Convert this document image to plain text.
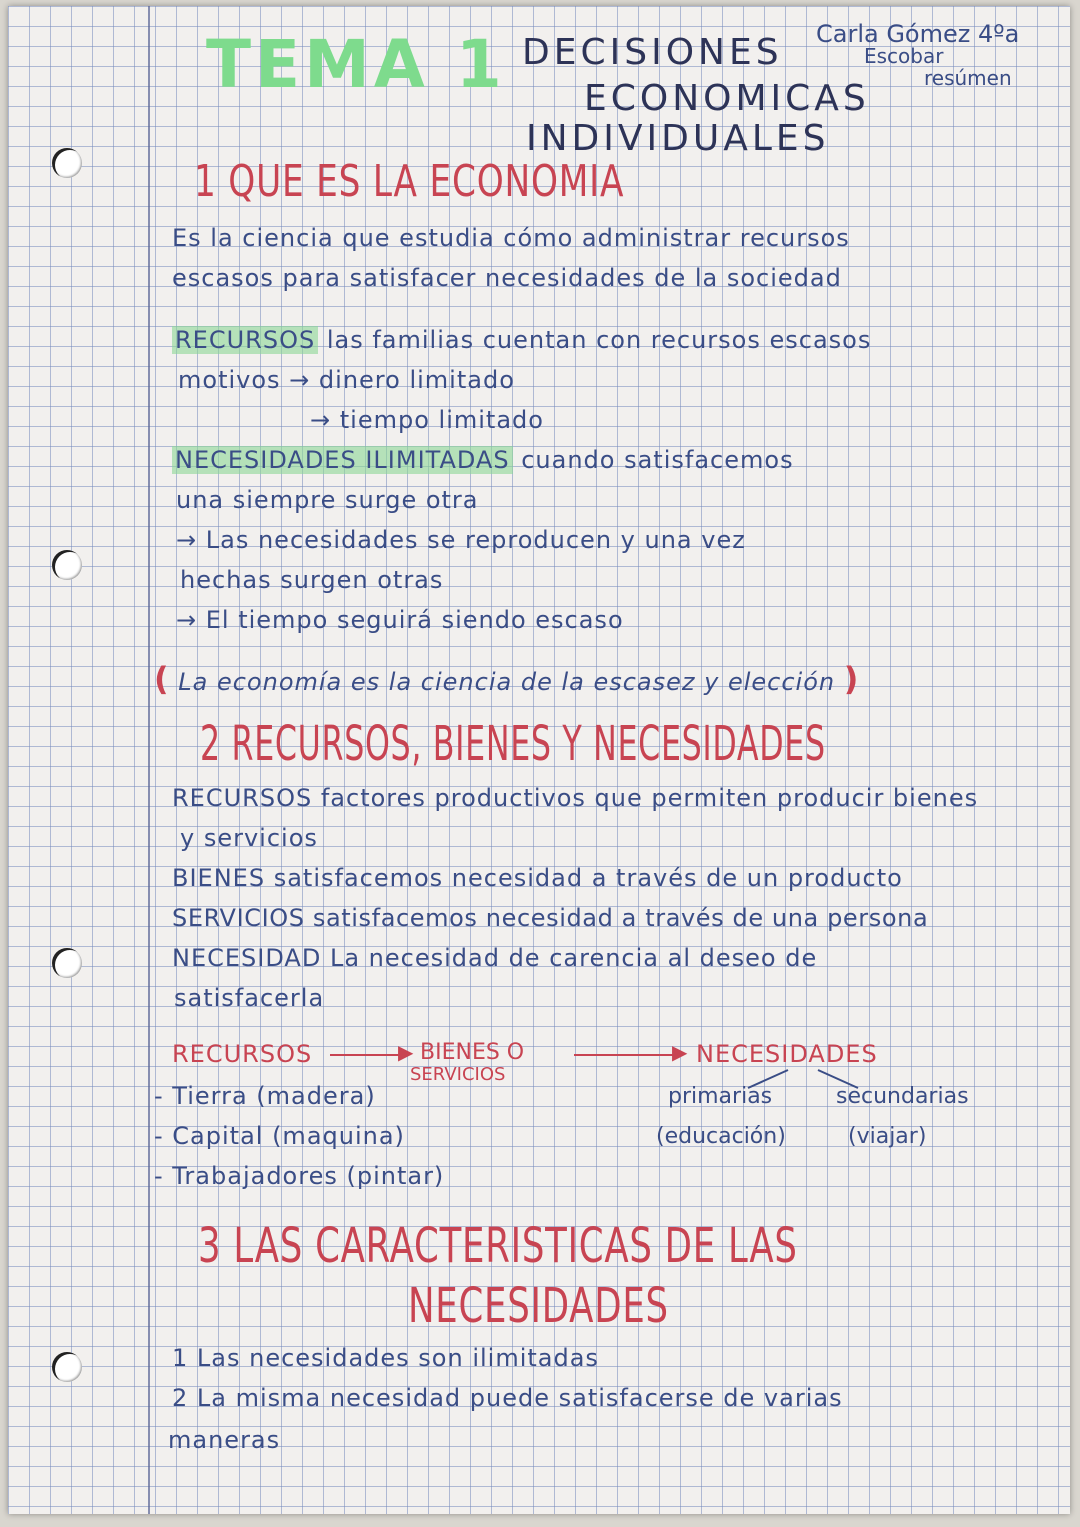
TEMA 1 DECISIONES
ECONOMICAS
INDIVIDUALES
Carla Gómez 4ºa
Escobar
resúmen
1 QUE ES LA ECONOMIA
Es la ciencia que estudia cómo administrar recursos
escasos para satisfacer necesidades de la sociedad
RECURSOS las familias cuentan con recursos escasos
motivos → dinero limitado
→ tiempo limitado
NECESIDADES ILIMITADAS cuando satisfacemos
una siempre surge otra
→ Las necesidades se reproducen y una vez
hechas surgen otras
→ El tiempo seguirá siendo escaso
( La economía es la ciencia de la escasez y elección )
2 RECURSOS, BIENES Y NECESIDADES
RECURSOS factores productivos que permiten producir bienes
y servicios
BIENES satisfacemos necesidad a través de un producto
SERVICIOS satisfacemos necesidad a través de una persona
NECESIDAD La necesidad de carencia al deseo de
satisfacerla
RECURSOS	▶ BIENES O
SERVICIOS
▶ NECESIDADES
- Tierra (madera)
- Capital (maquina)
- Trabajadores (pintar)
primarias
(educación)
secundarias
(viajar)
3 LAS CARACTERISTICAS DE LAS
NECESIDADES
1 Las necesidades son ilimitadas
2 La misma necesidad puede satisfacerse de varias
maneras
